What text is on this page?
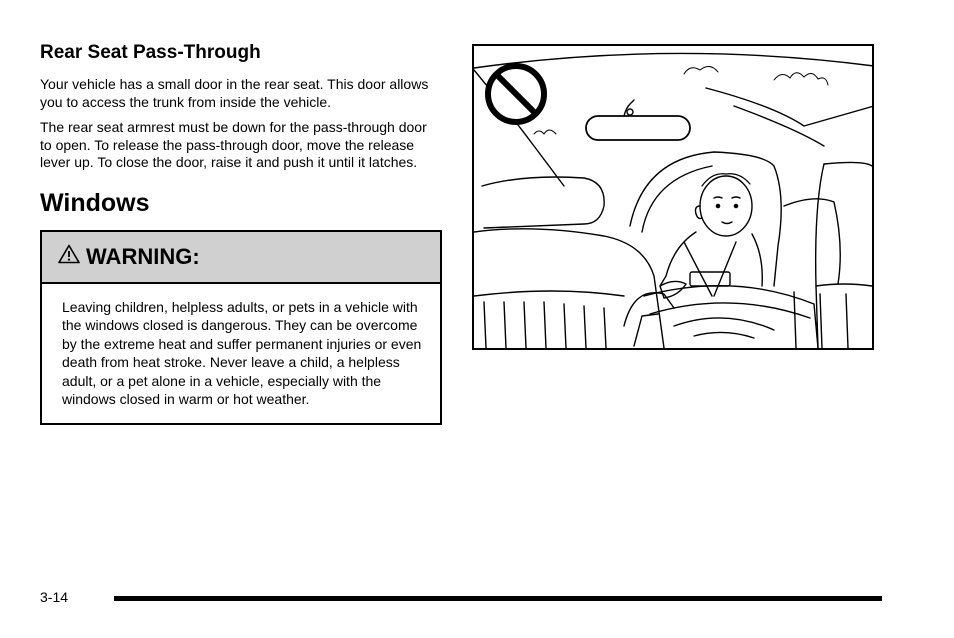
Rear Seat Pass-Through

Your vehicle has a small door in the rear seat. This door allows you to access the trunk from inside the vehicle.

The rear seat armrest must be down for the pass-through door to open. To release the pass-through door, move the release lever up. To close the door, raise it and push it until it latches.

Windows
WARNING:
Leaving children, helpless adults, or pets in a vehicle with the windows closed is dangerous. They can be overcome by the extreme heat and suffer permanent injuries or even death from heat stroke. Never leave a child, a helpless adult, or a pet alone in a vehicle, especially with the windows closed in warm or hot weather.
3-14
